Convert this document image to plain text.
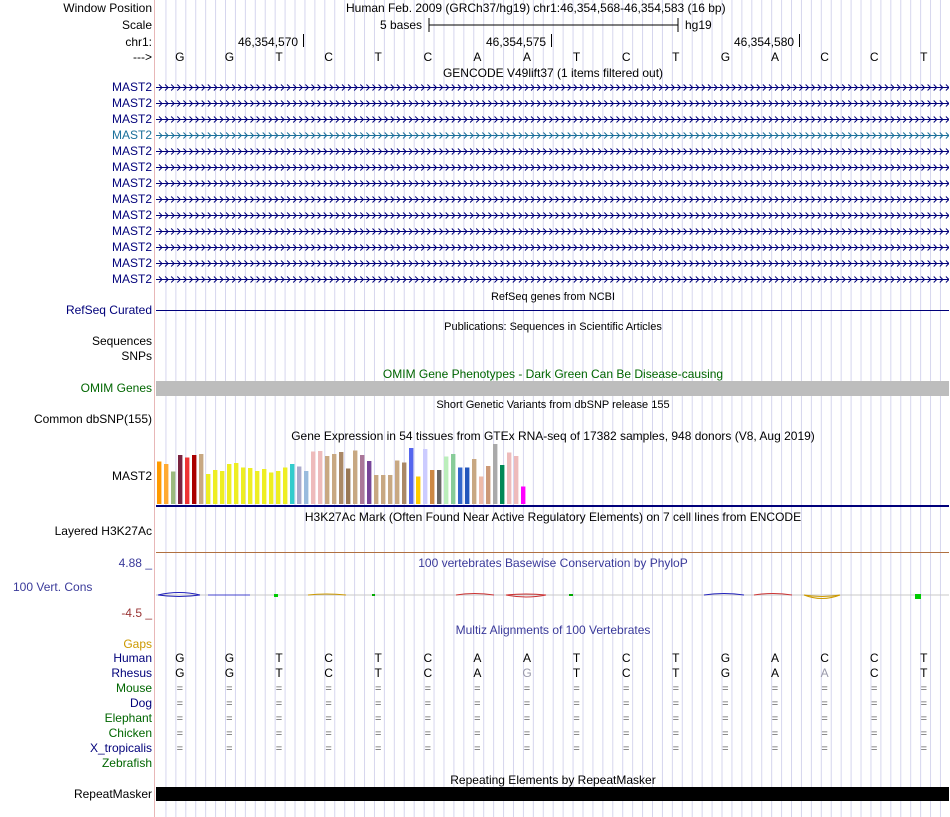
Window Position	Human Feb. 2009 (GRCh37/hg19) chr1:46,354,568-46,354,583 (16 bp)
Scale	5 bases	hg19
chr1:	46,354,570	46,354,575	46,354,580
--->	G	G	T	C	T	C	A	A	T	C	T	G	A	C	C	T
GENCODE V49lift37 (1 items filtered out)
MAST2
MAST2
MAST2
MAST2
MAST2
MAST2
MAST2
MAST2
MAST2
MAST2
MAST2
MAST2
MAST2
RefSeq genes from NCBI
RefSeq Curated
Publications: Sequences in Scientific Articles
Sequences
SNPs
OMIM Gene Phenotypes - Dark Green Can Be Disease-causing
OMIM Genes
Short Genetic Variants from dbSNP release 155
Common dbSNP(155)
Gene Expression in 54 tissues from GTEx RNA-seq of 17382 samples, 948 donors (V8, Aug 2019)
MAST2
H3K27Ac Mark (Often Found Near Active Regulatory Elements) on 7 cell lines from ENCODE
Layered H3K27Ac
100 vertebrates Basewise Conservation by PhyloP
4.88 _
100 Vert. Cons
-4.5 _
Multiz Alignments of 100 Vertebrates
Gaps
Human	G	G	T	C	T	C	A	A	T	C	T	G	A	C	C	T
Rhesus	G	G	T	C	T	C	A	G	T	C	T	G	A	A	C	T
Mouse	=	=	=	=	=	=	=	=	=	=	=	=	=	=	=	=
Dog	=	=	=	=	=	=	=	=	=	=	=	=	=	=	=	=
Elephant	=	=	=	=	=	=	=	=	=	=	=	=	=	=	=	=
Chicken	=	=	=	=	=	=	=	=	=	=	=	=	=	=	=	=
X_tropicalis	=	=	=	=	=	=	=	=	=	=	=	=	=	=	=	=
Zebrafish
Repeating Elements by RepeatMasker
RepeatMasker
